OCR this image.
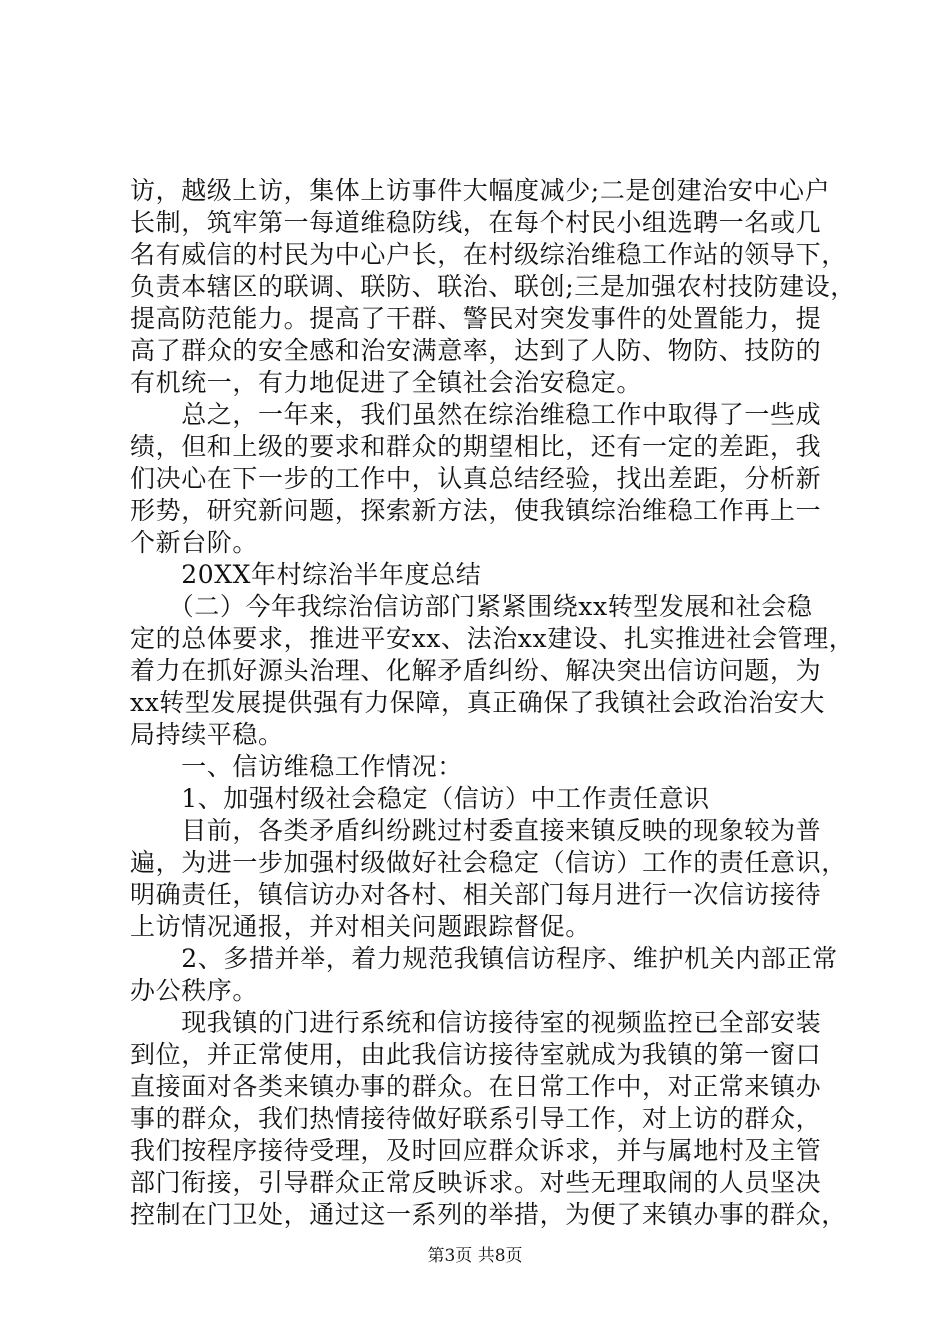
访，越级上访，集体上访事件大幅度减少;二是创建治安中心户
长制，筑牢第一每道维稳防线，在每个村民小组选聘一名或几
名有威信的村民为中心户长，在村级综治维稳工作站的领导下，
负责本辖区的联调、联防、联治、联创;三是加强农村技防建设，
提高防范能力。提高了干群、警民对突发事件的处置能力，提
高了群众的安全感和治安满意率，达到了人防、物防、技防的
有机统一，有力地促进了全镇社会治安稳定。
　　总之，一年来，我们虽然在综治维稳工作中取得了一些成
绩，但和上级的要求和群众的期望相比，还有一定的差距，我
们决心在下一步的工作中，认真总结经验，找出差距，分析新
形势，研究新问题，探索新方法，使我镇综治维稳工作再上一
个新台阶。
　　20XX年村综治半年度总结
　　（二）今年我综治信访部门紧紧围绕xx转型发展和社会稳
定的总体要求，推进平安xx、法治xx建设、扎实推进社会管理，
着力在抓好源头治理、化解矛盾纠纷、解决突出信访问题，为
xx转型发展提供强有力保障，真正确保了我镇社会政治治安大
局持续平稳。
　　一、信访维稳工作情况：
　　1、加强村级社会稳定（信访）中工作责任意识
　　目前，各类矛盾纠纷跳过村委直接来镇反映的现象较为普
遍，为进一步加强村级做好社会稳定（信访）工作的责任意识，
明确责任，镇信访办对各村、相关部门每月进行一次信访接待
上访情况通报，并对相关问题跟踪督促。
　　2、多措并举，着力规范我镇信访程序、维护机关内部正常
办公秩序。
　　现我镇的门进行系统和信访接待室的视频监控已全部安装
到位，并正常使用，由此我信访接待室就成为我镇的第一窗口
直接面对各类来镇办事的群众。在日常工作中，对正常来镇办
事的群众，我们热情接待做好联系引导工作，对上访的群众，
我们按程序接待受理，及时回应群众诉求，并与属地村及主管
部门衔接，引导群众正常反映诉求。对些无理取闹的人员坚决
控制在门卫处，通过这一系列的举措，为便了来镇办事的群众，
第3页 共8页
